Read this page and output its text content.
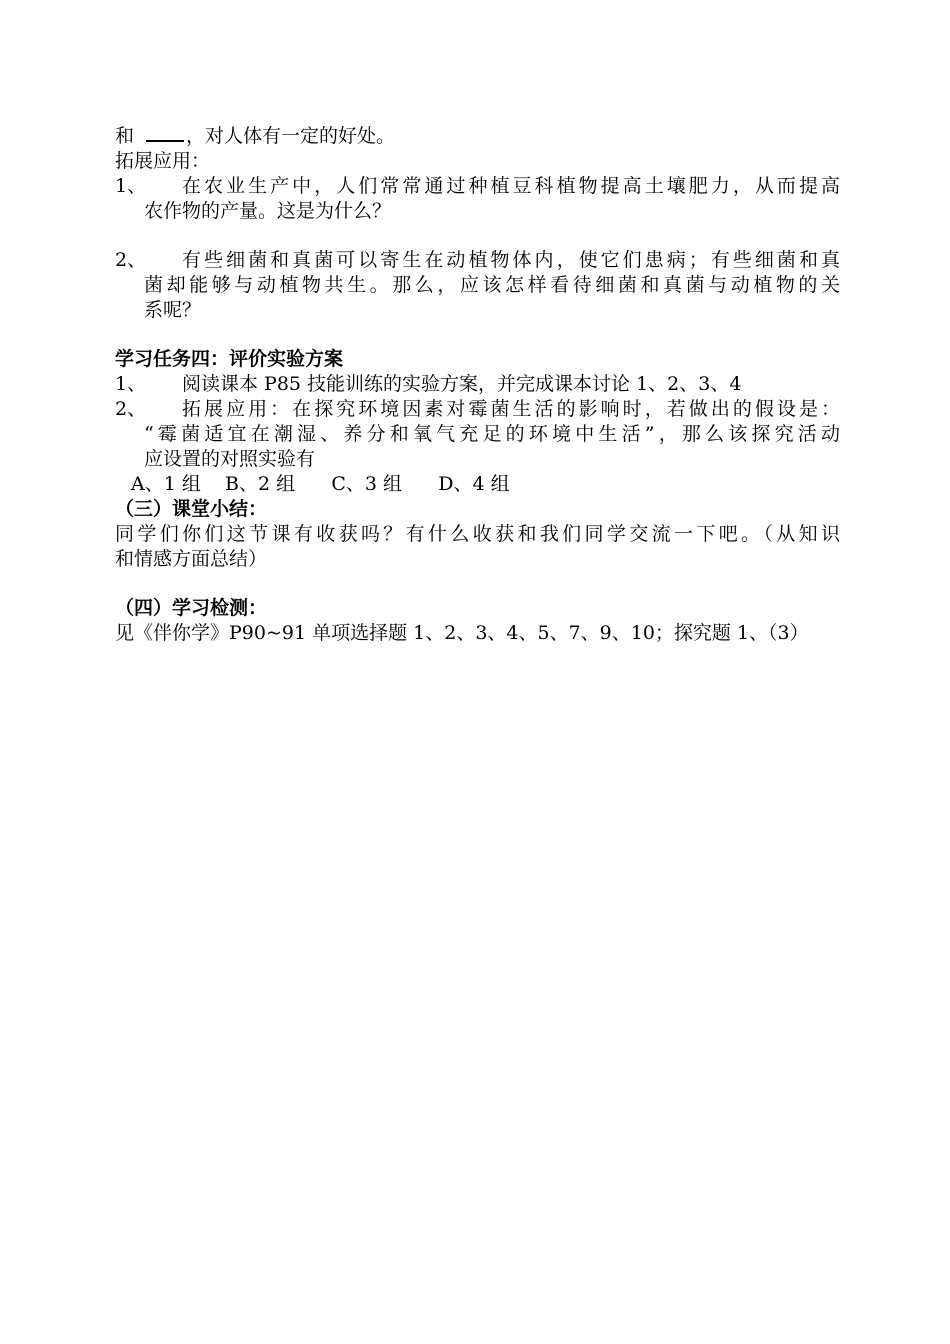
和	，对人体有一定的好处。
拓展应用：
1、	在农业生产中，人们常常通过种植豆科植物提高土壤肥力，从而提高
农作物的产量。这是为什么？
2、	有些细菌和真菌可以寄生在动植物体内，使它们患病；有些细菌和真
菌却能够与动植物共生。那么，应该怎样看待细菌和真菌与动植物的关
系呢？
学习任务四：评价实验方案
1、	阅读课本 P85 技能训练的实验方案，并完成课本讨论 1、2、3、4
2、	拓展应用：在探究环境因素对霉菌生活的影响时，若做出的假设是：
“霉菌适宜在潮湿、养分和氧气充足的环境中生活”，那么该探究活动
应设置的对照实验有
A、1 组 B、2 组 C、3 组 D、4 组
（三）课堂小结：
同学们你们这节课有收获吗？有什么收获和我们同学交流一下吧。（从知识
和情感方面总结）
（四）学习检测：
见《伴你学》P90~91 单项选择题 1、2、3、4、5、7、9、10；探究题 1、（3）
